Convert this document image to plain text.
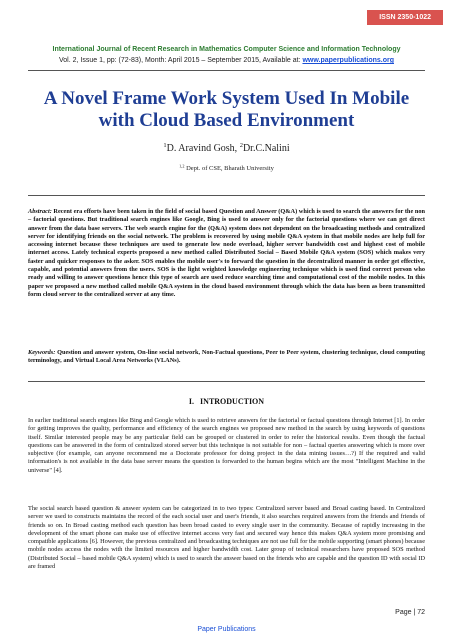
ISSN 2350-1022
International Journal of Recent Research in Mathematics Computer Science and Information Technology
Vol. 2, Issue 1, pp: (72-83), Month: April 2015 – September 2015, Available at: www.paperpublications.org
A Novel Frame Work System Used In Mobile
with Cloud Based Environment
$^1$D. Aravind Gosh, $^2$Dr.C.Nalini
$^{1,2}$ Dept. of CSE, Bharath University
Abstract: Recent era efforts have been taken in the field of social based Question and Answer (Q&A) which is used to search the answers for the non – factorial questions. But traditional search engines like Google, Bing is used to answer only for the factorial questions where we can get direct answer from the data base servers. The web search engine for the (Q&A) system does not dependent on the broadcasting methods and centralized server for identifying friends on the social network. The problem is recovered by using mobile Q&A system in that mobile nodes are help full for accessing internet because these techniques are used to generate low node overload, higher server bandwidth cost and highest cost of mobile internet access. Lately technical experts proposed a new method called Distributed Social – Based Mobile Q&A system (SOS) which makes very faster and quicker responses to the asker. SOS enables the mobile user's to forward the question in the decentralized manner in order get effective, capable, and potential answers from the users. SOS is the light weighted knowledge engineering technique which is used find correct person who ready and willing to answer questions hence this type of search are used reduce searching time and computational cost of the mobile nodes. In this paper we proposed a new method called mobile Q&A system in the cloud based environment through which the data has been as been transmitted form cloud server to the centralized server at any time.
Keywords: Question and answer system, On-line social network, Non-Factual questions, Peer to Peer system, clustering technique, cloud computing terminology, and Virtual Local Area Networks (VLANs).
I. INTRODUCTION
In earlier traditional search engines like Bing and Google which is used to retrieve answers for the factorial or factual questions through Internet [1]. In order for getting improves the quality, performance and efficiency of the search engines we proposed new method in the search by using keywords of questions itself. Similar interested people may be any particular field can be grouped or clustered in order to refer the historical results. Even though the factual questions can be answered in the form of centralized stored server but this technique is not suitable for non – factual queries answering which is more over subjective (for example, can anyone recommend me a Doctorate professor for doing project in the data mining issues…?) If the required and valid information's is not available in the data base server means the question is forwarded to the human begins which are the most "Intelligent Machine in the universe" [4].
The social search based question & answer system can be categorized in to two types: Centralized server based and Broad casting based. In Centralized server we used to constructs maintains the record of the each social user and user's friends, it also searches required answers from the friends and friends of friends so on. In Broad casting method each question has been broad casted to every single user in the community. Because of rapidly increasing in the development of the smart phone can make use of effective internet access very fast and secured way hence this makes Q&A system more promising and compatible applications [6]. However, the previous centralized and broadcasting techniques are not use full for the mobile supporting (smart phones) because mobile nodes access the nodes with the limited resources and higher bandwidth cost. Later group of technical researchers have proposed SOS method (Distributed Social – based mobile Q&A system) which is used to search the answer based on the friends who are capable and the question ID with social ID are framed
Page | 72
Paper Publications
